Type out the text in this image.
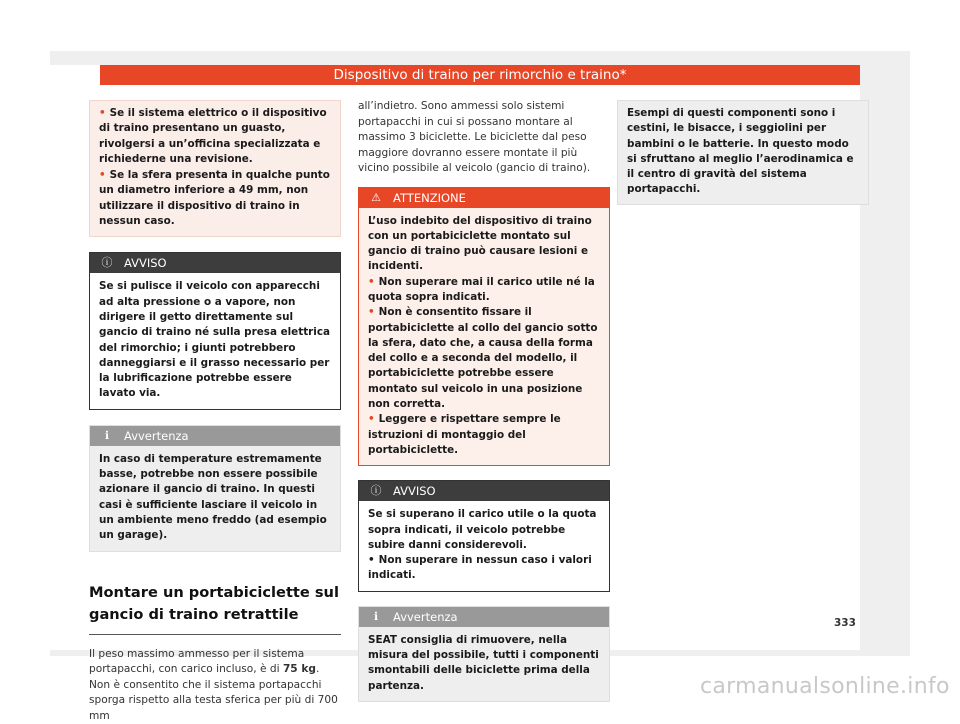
Dispositivo di traino per rimorchio e traino*
• Se il sistema elettrico o il dispositivo di traino presentano un guasto, rivolgersi a un’officina specializzata e richiederne una revisione.
• Se la sfera presenta in qualche punto un diametro inferiore a 49 mm, non utilizzare il dispositivo di traino in nessun caso.
ⓘ AVVISO
Se si pulisce il veicolo con apparecchi ad alta pressione o a vapore, non dirigere il getto direttamente sul gancio di traino né sulla presa elettrica del rimorchio; i giunti potrebbero danneggiarsi e il grasso necessario per la lubrificazione potrebbe essere lavato via.
ℹ	Avvertenza
In caso di temperature estremamente basse, potrebbe non essere possibile azionare il gancio di traino. In questi casi è sufficiente lasciare il veicolo in un ambiente meno freddo (ad esempio un garage).
Montare un portabiciclette sul gancio di traino retrattile

Il peso massimo ammesso per il sistema portapacchi, con carico incluso, è di 75 kg. Non è consentito che il sistema portapacchi sporga rispetto alla testa sferica per più di 700 mm

all’indietro. Sono ammessi solo sistemi portapacchi in cui si possano montare al massimo 3 biciclette. Le biciclette dal peso maggiore dovranno essere montate il più vicino possibile al veicolo (gancio di traino).

⚠ ATTENZIONE
L’uso indebito del dispositivo di traino con un portabiciclette montato sul gancio di traino può causare lesioni e incidenti.
• Non superare mai il carico utile né la quota sopra indicati.
• Non è consentito fissare il portabiciclette al collo del gancio sotto la sfera, dato che, a causa della forma del collo e a seconda del modello, il portabiciclette potrebbe essere montato sul veicolo in una posizione non corretta.
• Leggere e rispettare sempre le istruzioni di montaggio del portabiciclette.
ⓘ AVVISO
Se si superano il carico utile o la quota sopra indicati, il veicolo potrebbe subire danni considerevoli.
• Non superare in nessun caso i valori indicati.
ℹ	Avvertenza
SEAT consiglia di rimuovere, nella misura del possibile, tutti i componenti smontabili delle biciclette prima della partenza.
Esempi di questi componenti sono i cestini, le bisacce, i seggiolini per bambini o le batterie. In questo modo si sfruttano al meglio l’aerodinamica e il centro di gravità del sistema portapacchi.
333
carmanualsonline.info
